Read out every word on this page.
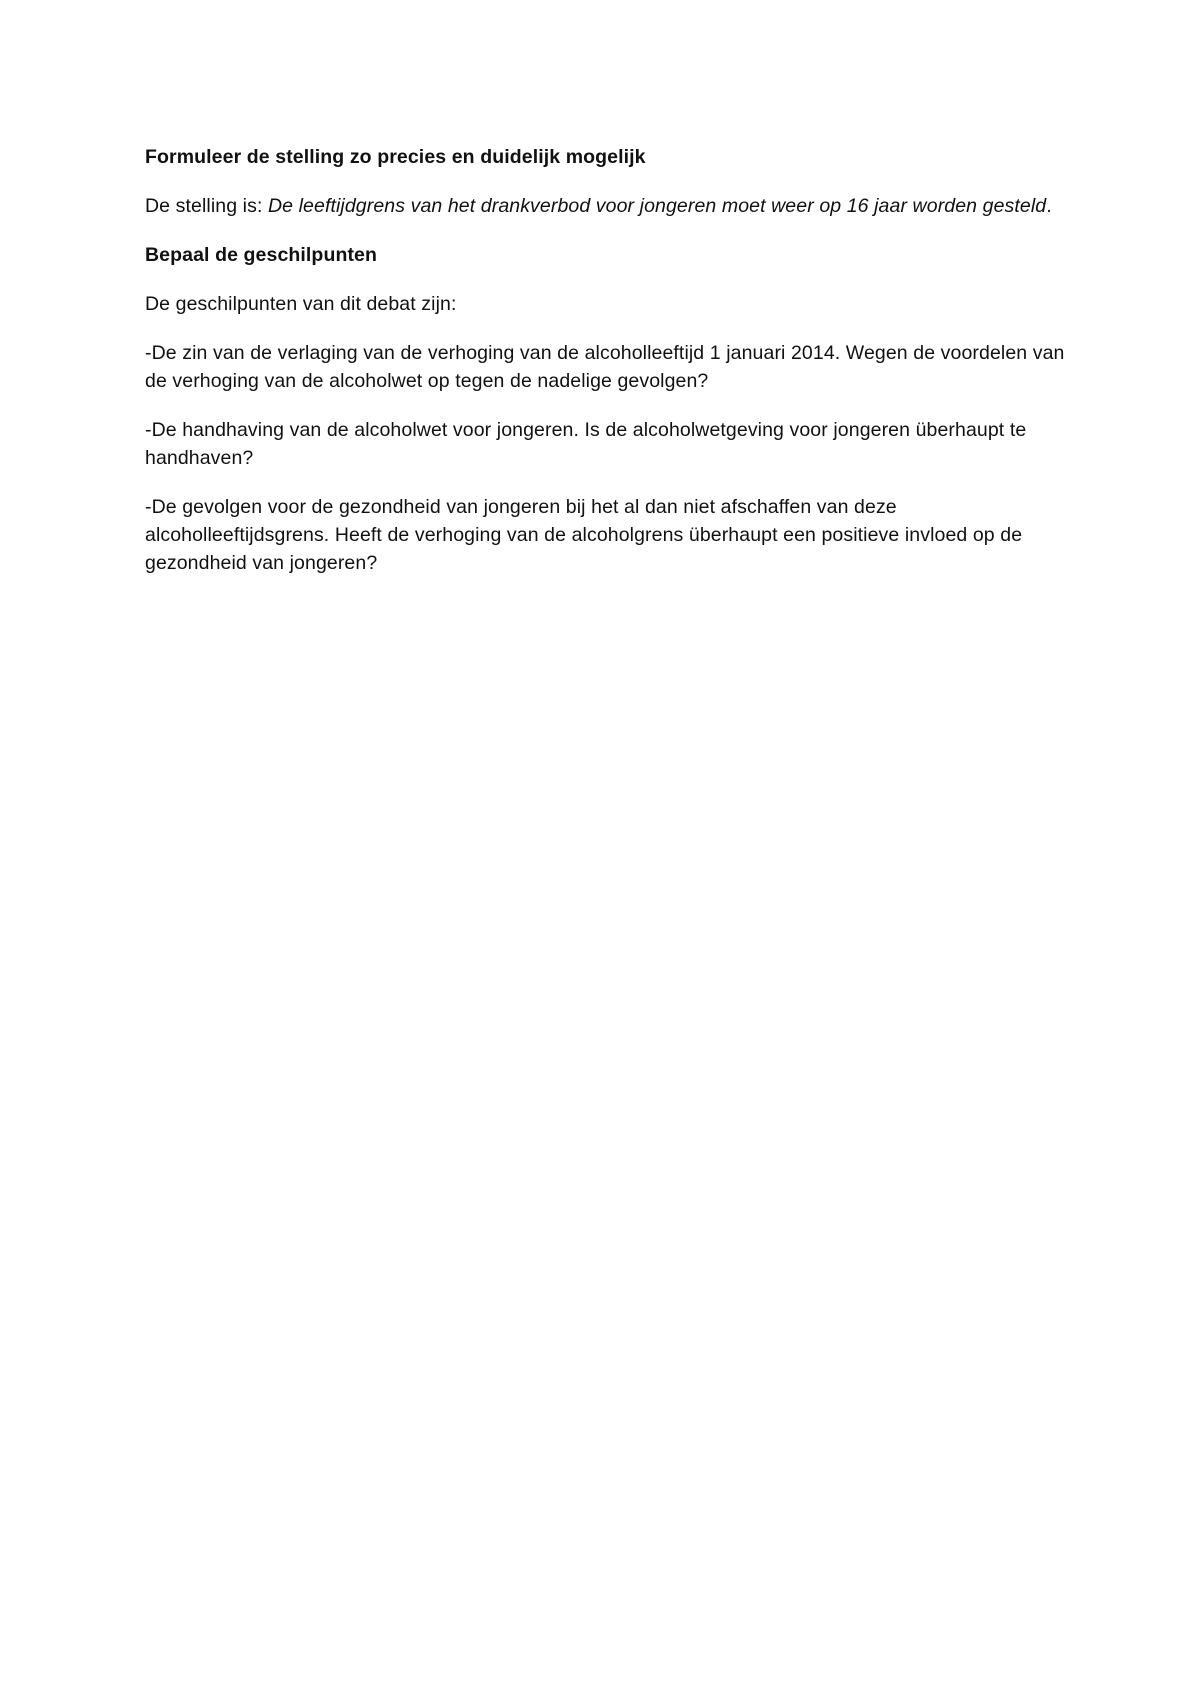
Formuleer de stelling zo precies en duidelijk mogelijk

De stelling is: De leeftijdgrens van het drankverbod voor jongeren moet weer op 16 jaar worden gesteld.

Bepaal de geschilpunten

De geschilpunten van dit debat zijn:

-De zin van de verlaging van de verhoging van de alcoholleeftijd 1 januari 2014. Wegen de voordelen van de verhoging van de alcoholwet op tegen de nadelige gevolgen?

-De handhaving van de alcoholwet voor jongeren. Is de alcoholwetgeving voor jongeren überhaupt te handhaven?

-De gevolgen voor de gezondheid van jongeren bij het al dan niet afschaffen van deze alcoholleeftijdsgrens. Heeft de verhoging van de alcoholgrens überhaupt een positieve invloed op de gezondheid van jongeren?
